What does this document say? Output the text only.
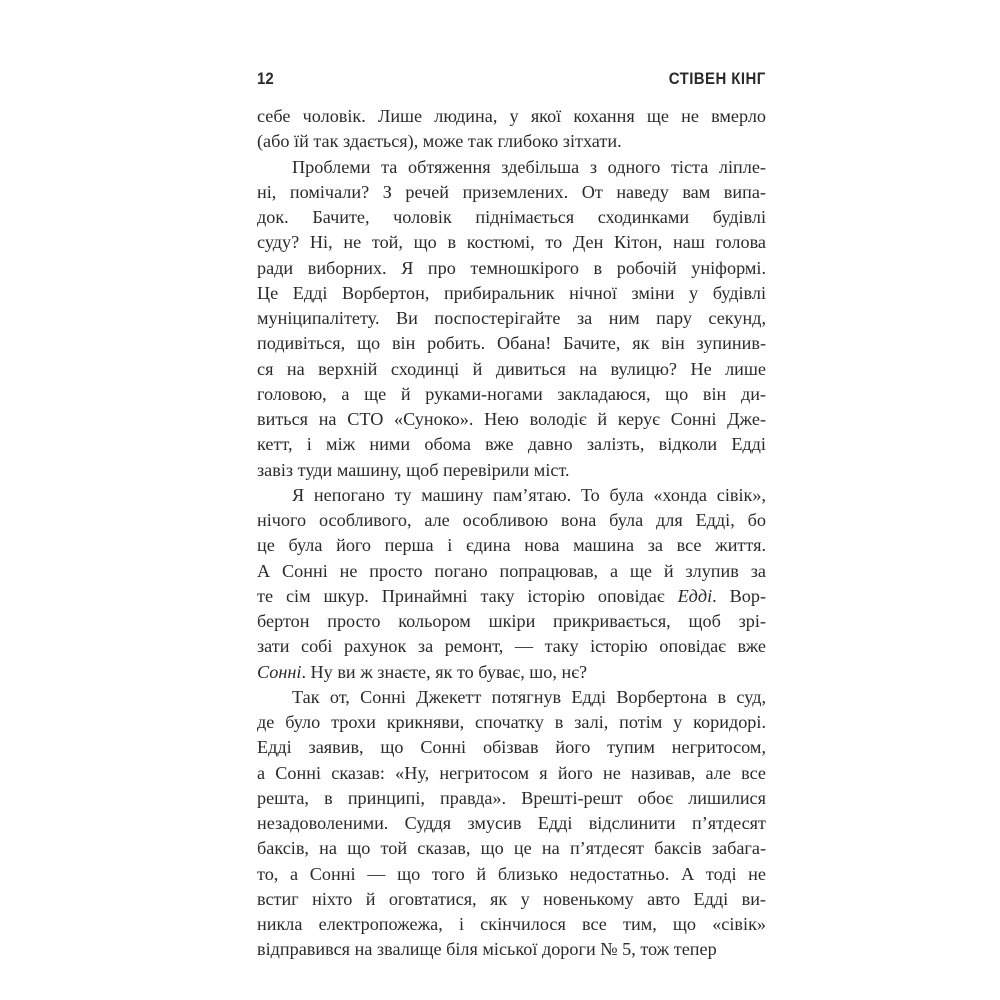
12	СТІВЕН КІНГ
себе чоловік. Лише людина, у якої кохання ще не вмерло
(або їй так здається), може так глибоко зітхати.
Проблеми та обтяження здебільша з одного тіста ліпле-
ні, помічали? З речей приземлених. От наведу вам випа-
док. Бачите, чоловік піднімається сходинками будівлі
суду? Ні, не той, що в костюмі, то Ден Кітон, наш голова
ради виборних. Я про темношкірого в робочій уніформі.
Це Едді Ворбертон, прибиральник нічної зміни у будівлі
муніципалітету. Ви поспостерігайте за ним пару секунд,
подивіться, що він робить. Обана! Бачите, як він зупинив-
ся на верхній сходинці й дивиться на вулицю? Не лише
головою, а ще й руками-ногами закладаюся, що він ди-
виться на СТО «Суноко». Нею володіє й керує Сонні Дже-
кетт, і між ними обома вже давно залізть, відколи Едді
завіз туди машину, щоб перевірили міст.
Я непогано ту машину пам’ятаю. То була «хонда сівік»,
нічого особливого, але особливою вона була для Едді, бо
це була його перша і єдина нова машина за все життя.
А Сонні не просто погано попрацював, а ще й злупив за
те сім шкур. Принаймні таку історію оповідає Едді. Вор-
бертон просто кольором шкіри прикривається, щоб зрі-
зати собі рахунок за ремонт, — таку історію оповідає вже
Сонні. Ну ви ж знаєте, як то буває, шо, нє?
Так от, Сонні Джекетт потягнув Едді Ворбертона в суд,
де було трохи крикняви, спочатку в залі, потім у коридорі.
Едді заявив, що Сонні обізвав його тупим негритосом,
а Сонні сказав: «Ну, негритосом я його не називав, але все
решта, в принципі, правда». Врешті-решт обоє лишилися
незадоволеними. Суддя змусив Едді відслинити п’ятдесят
баксів, на що той сказав, що це на п’ятдесят баксів забага-
то, а Сонні — що того й близько недостатньо. А тоді не
встиг ніхто й оговтатися, як у новенькому авто Едді ви-
никла електропожежа, і скінчилося все тим, що «сівік»
відправився на звалище біля міської дороги № 5, тож тепер
